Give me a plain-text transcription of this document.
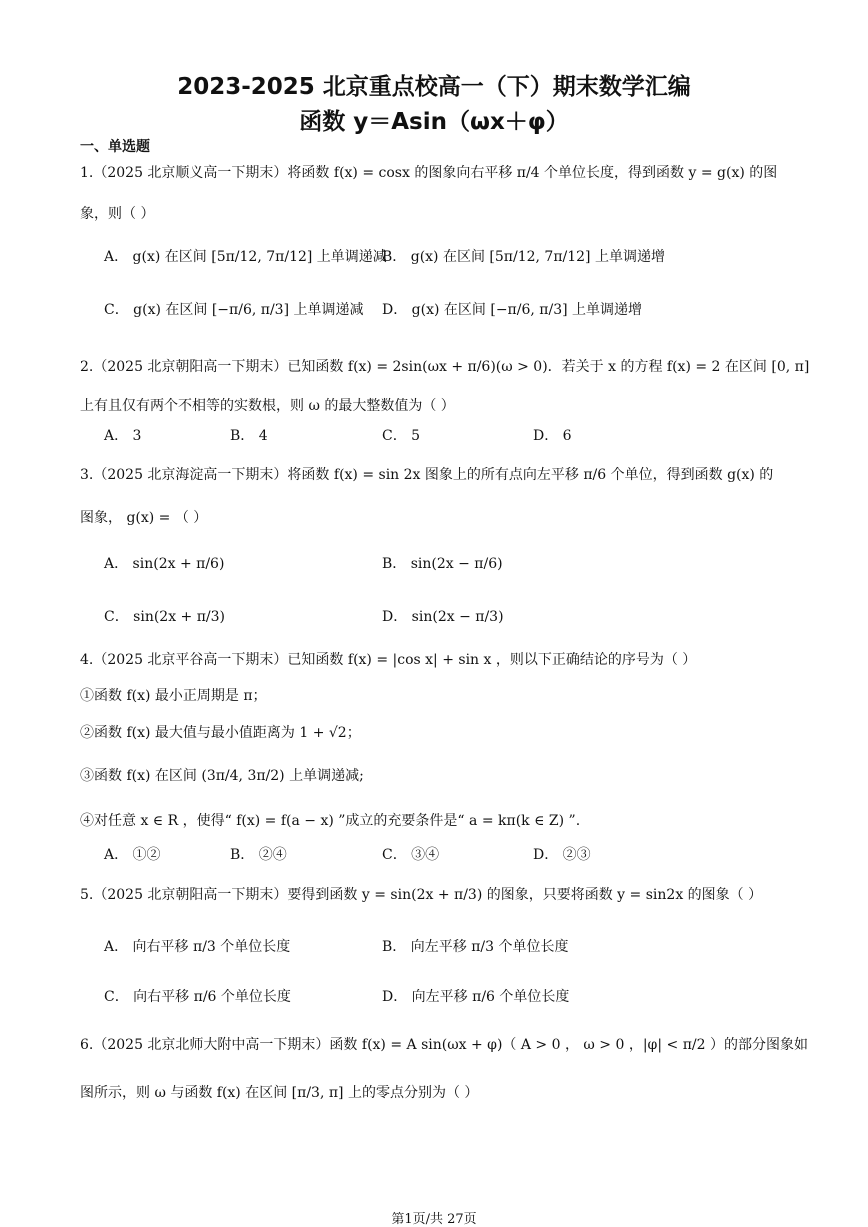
2023-2025 北京重点校高一（下）期末数学汇编
函数 y＝Asin（ωx＋φ）
一、单选题
1.（2025 北京顺义高一下期末）将函数 f(x) = cosx 的图象向右平移 π/4 个单位长度，得到函数 y = g(x) 的图
象，则（ ）
A． g(x) 在区间 [5π/12, 7π/12] 上单调递减
B． g(x) 在区间 [5π/12, 7π/12] 上单调递增
C． g(x) 在区间 [−π/6, π/3] 上单调递减 D． g(x) 在区间 [−π/6, π/3] 上单调递增
2.（2025 北京朝阳高一下期末）已知函数 f(x) = 2sin(ωx + π/6)(ω > 0)．若关于 x 的方程 f(x) = 2 在区间 [0, π]
上有且仅有两个不相等的实数根，则 ω 的最大整数值为（ ）
A． 3	B． 4	C． 5	D． 6
3.（2025 北京海淀高一下期末）将函数 f(x) = sin 2x 图象上的所有点向左平移 π/6 个单位，得到函数 g(x) 的
图象， g(x) = （ ）
A． sin(2x + π/6)	B． sin(2x − π/6)
C． sin(2x + π/3)	D． sin(2x − π/3)
4.（2025 北京平谷高一下期末）已知函数 f(x) = |cos x| + sin x ，则以下正确结论的序号为（ ）
①函数 f(x) 最小正周期是 π；
②函数 f(x) 最大值与最小值距离为 1 + √2；
③函数 f(x) 在区间 (3π/4, 3π/2) 上单调递减;
④对任意 x ∈ R ，使得“ f(x) = f(a − x) ”成立的充要条件是“ a = kπ(k ∈ Z) ”.
A． ①②	B． ②④	C． ③④	D． ②③
5.（2025 北京朝阳高一下期末）要得到函数 y = sin(2x + π/3) 的图象，只要将函数 y = sin2x 的图象（ ）
A． 向右平移 π/3 个单位长度	B． 向左平移 π/3 个单位长度
C． 向右平移 π/6 个单位长度	D． 向左平移 π/6 个单位长度
6.（2025 北京北师大附中高一下期末）函数 f(x) = A sin(ωx + φ)（ A > 0 ， ω > 0 ，|φ| < π/2 ）的部分图象如
图所示，则 ω 与函数 f(x) 在区间 [π/3, π] 上的零点分别为（ ）
第1页/共 27页
